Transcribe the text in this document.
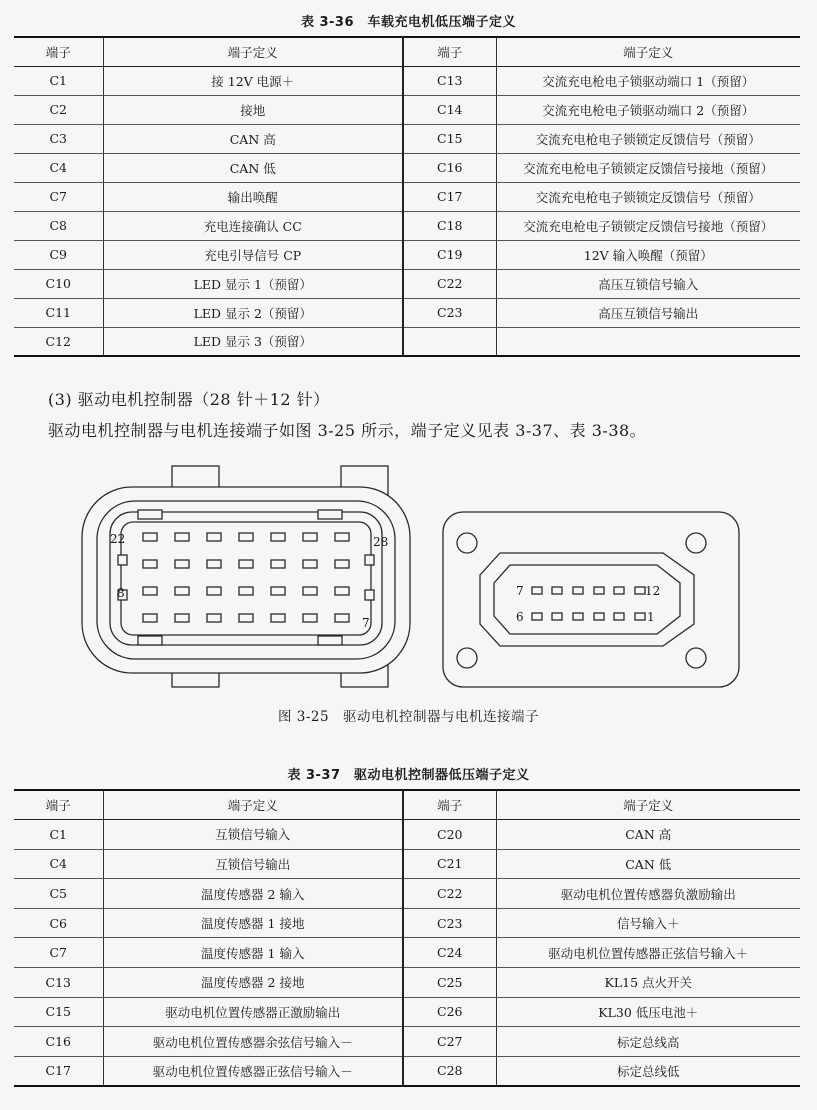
表 3-36　车载充电机低压端子定义
端子	端子定义	端子	端子定义
C1	接 12V 电源＋	C13	交流充电枪电子锁驱动端口 1（预留）
C2	接地	C14	交流充电枪电子锁驱动端口 2（预留）
C3	CAN 高	C15	交流充电枪电子锁锁定反馈信号（预留）
C4	CAN 低	C16	交流充电枪电子锁锁定反馈信号接地（预留）
C7	输出唤醒	C17	交流充电枪电子锁锁定反馈信号（预留）
C8	充电连接确认 CC	C18	交流充电枪电子锁锁定反馈信号接地（预留）
C9	充电引导信号 CP	C19	12V 输入唤醒（预留）
C10	LED 显示 1（预留）	C22	高压互锁信号输入
C11	LED 显示 2（预留）	C23	高压互锁信号输出
C12	LED 显示 3（预留）		
(3) 驱动电机控制器（28 针＋12 针）
驱动电机控制器与电机连接端子如图 3-25 所示，端子定义见表 3-37、表 3-38。
22	28
8
7
7	12
6	1
图 3-25　驱动电机控制器与电机连接端子
表 3-37　驱动电机控制器低压端子定义
端子	端子定义	端子	端子定义
C1	互锁信号输入	C20	CAN 高
C4	互锁信号输出	C21	CAN 低
C5	温度传感器 2 输入	C22	驱动电机位置传感器负激励输出
C6	温度传感器 1 接地	C23	信号输入＋
C7	温度传感器 1 输入	C24	驱动电机位置传感器正弦信号输入＋
C13	温度传感器 2 接地	C25	KL15 点火开关
C15	驱动电机位置传感器正激励输出	C26	KL30 低压电池＋
C16	驱动电机位置传感器余弦信号输入－	C27	标定总线高
C17	驱动电机位置传感器正弦信号输入－	C28	标定总线低
